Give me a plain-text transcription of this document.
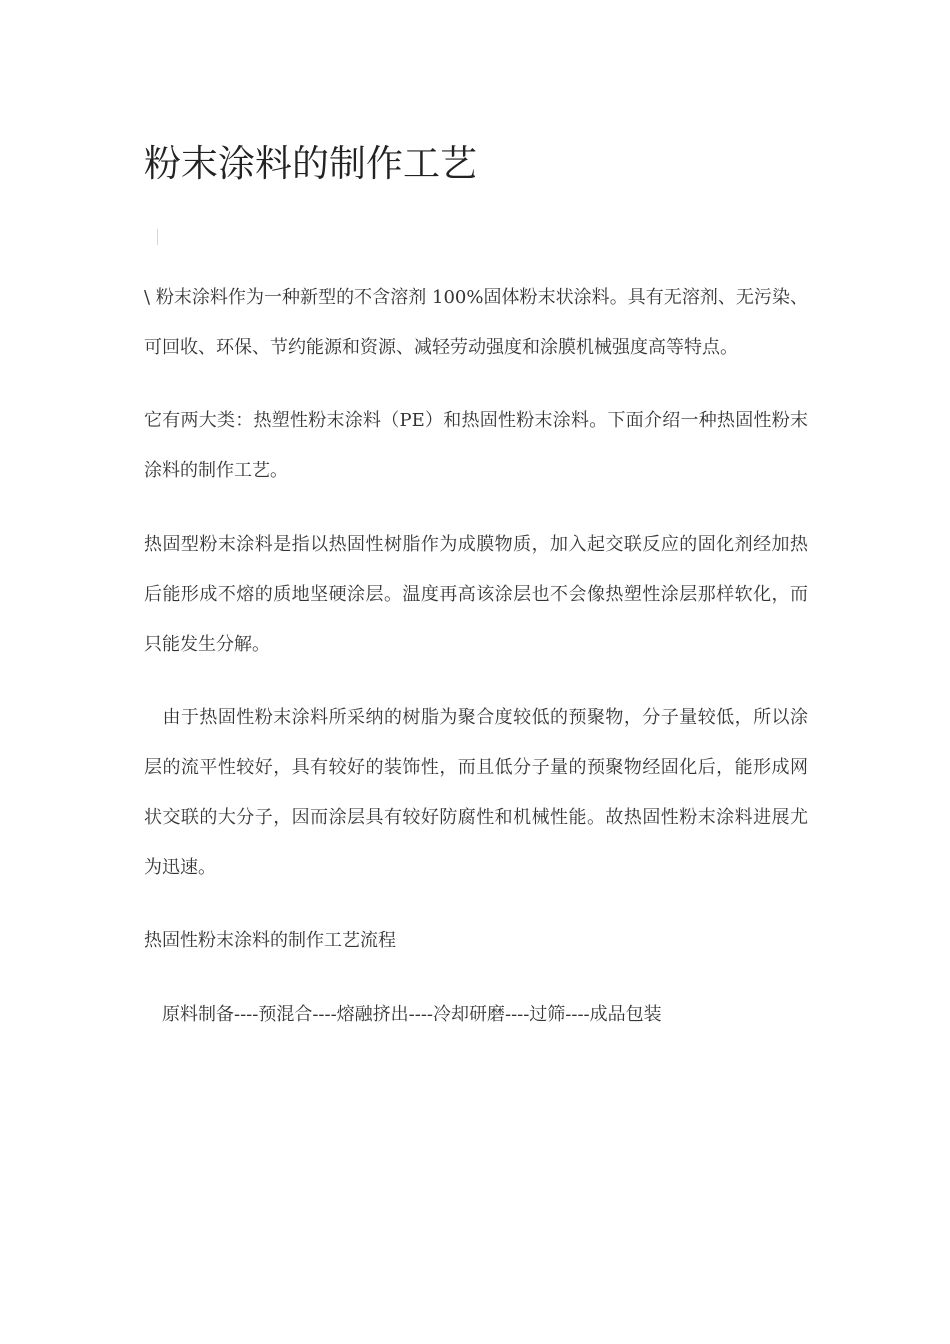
粉末涂料的制作工艺

\ 粉末涂料作为一种新型的不含溶剂 100%固体粉末状涂料。具有无溶剂、无污染、可回收、环保、节约能源和资源、减轻劳动强度和涂膜机械强度高等特点。

它有两大类：热塑性粉末涂料（PE）和热固性粉末涂料。下面介绍一种热固性粉末涂料的制作工艺。

热固型粉末涂料是指以热固性树脂作为成膜物质，加入起交联反应的固化剂经加热后能形成不熔的质地坚硬涂层。温度再高该涂层也不会像热塑性涂层那样软化，而只能发生分解。

　由于热固性粉末涂料所采纳的树脂为聚合度较低的预聚物，分子量较低，所以涂层的流平性较好，具有较好的装饰性，而且低分子量的预聚物经固化后，能形成网状交联的大分子，因而涂层具有较好防腐性和机械性能。故热固性粉末涂料进展尤为迅速。

热固性粉末涂料的制作工艺流程

　原料制备----预混合----熔融挤出----冷却研磨----过筛----成品包装
